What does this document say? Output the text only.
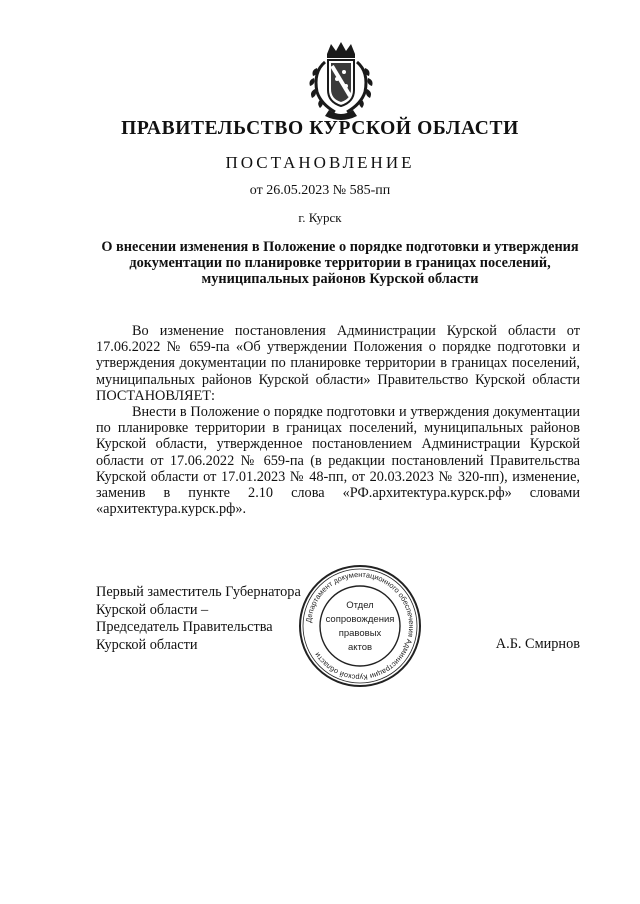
ПРАВИТЕЛЬСТВО КУРСКОЙ ОБЛАСТИ
ПОСТАНОВЛЕНИЕ
от 26.05.2023 № 585-пп
г. Курск
О внесении изменения в Положение о порядке подготовки и утверждения документации по планировке территории в границах поселений, муниципальных районов Курской области

Во изменение постановления Администрации Курской области от 17.06.2022 № 659-па «Об утверждении Положения о порядке подготовки и утверждения документации по планировке территории в границах поселений, муниципальных районов Курской области» Правительство Курской области ПОСТАНОВЛЯЕТ:

Внести в Положение о порядке подготовки и утверждения документации по планировке территории в границах поселений, муниципальных районов Курской области, утвержденное постановлением Администрации Курской области от 17.06.2022 № 659-па (в редакции постановлений Правительства Курской области от 17.01.2023 № 48-пп, от 20.03.2023 № 320-пп), изменение, заменив в пункте 2.10 слова «РФ.архитектура.курск.рф» словами «архитектура.курск.рф».

Первый заместитель Губернатора
Курской области –
Председатель Правительства
Курской области
Департамент документационного обеспечения Администрации Курской области
Отдел
сопровождения
правовых
актов	А.Б. Смирнов
